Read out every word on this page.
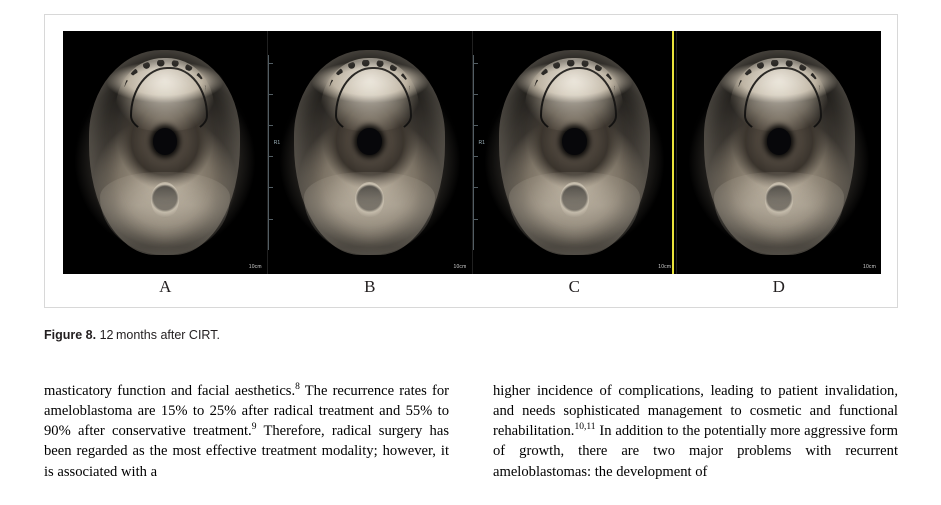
10cm
R1
10cm
R1
10cm	10cm
A	B	C	D
Figure 8. 12 months after CIRT.

masticatory function and facial aesthetics.$^8$ The recurrence rates for ameloblastoma are 15% to 25% after radical treatment and 55% to 90% after conservative treatment.$^9$ Therefore, radical surgery has been regarded as the most effective treatment modality; however, it is associated with a

higher incidence of complications, leading to patient invalidation, and needs sophisticated management to cosmetic and functional rehabilitation.$^{10,11}$ In addition to the potentially more aggressive form of growth, there are two major problems with recurrent ameloblastomas: the development of
